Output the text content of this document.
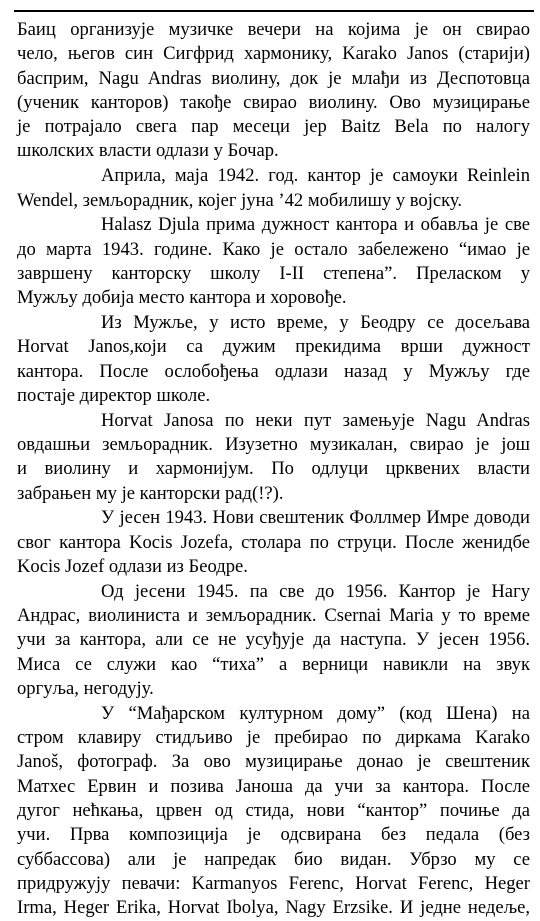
Баиц организује музичке вечери на којима је он свирао
чело, његов син Сигфрид хармонику, Karako Janos (старији)
басприм, Nagu Andras виолину, док је млађи из Деспотовца
(ученик канторов) такође свирао виолину. Ово музицирање
је потрајало свега пар месеци јер Baitz Bela по налогу
школских власти одлази у Бочар.
Априла, маја 1942. год. кантор је самоуки Reinlein
Wendel, земљорадник, којег јуна ’42 мобилишу у војску.
Halasz Djula прима дужност кантора и обавља је све
до марта 1943. године. Како је остало забележено “имао је
завршену канторску школу I-II степена”. Преласком у
Мужљу добија место кантора и хоровођe.
Из Мужље, у исто време, у Беодру се досељава
Horvat Janos,који са дужим прекидима врши дужност
кантора. После ослобођења одлази назад у Мужљу где
постаје директор школе.
Horvat Janosa по неки пут замењује Nagu Andras
овдашњи земљорадник. Изузетно музикалан, свирао је још
и виолину и хармонијум. По одлуци црквених власти
забрањен му је канторски рад(!?).
У јесен 1943. Нови свештеник Фоллмер Имре доводи
свог кантора Kocis Jozefa, столара по струци. После женидбе
Kocis Jozef одлази из Беодре.
Од јесени 1945. па све до 1956. Кантор је Нагу
Андрас, виолиниста и земљорадник. Csernai Maria у то време
учи за кантора, али се не усуђује да наступа. У јесен 1956.
Миса се служи као “тиха” а верници навикли на звук
оргуља, негодују.
У “Мађарском културном дому” (код Шена) на
стром клавиру стидљиво је пребирао по диркама Karako
Janoš, фотограф. За ово музицирање донао је свештеник
Матхес Ервин и позива Јаноша да учи за кантора. После
дугог нећкања, црвен од стида, нови “кантор” почиње да
учи. Прва композиција је одсвирана без педала (без
суббассова) али је напредак био видан. Убрзо му се
придружују певачи: Karmanyos Ferenc, Horvat Ferenc, Heger
Irma, Heger Erika, Horvat Ibolya, Nagy Erzsike. И једне недеље,
